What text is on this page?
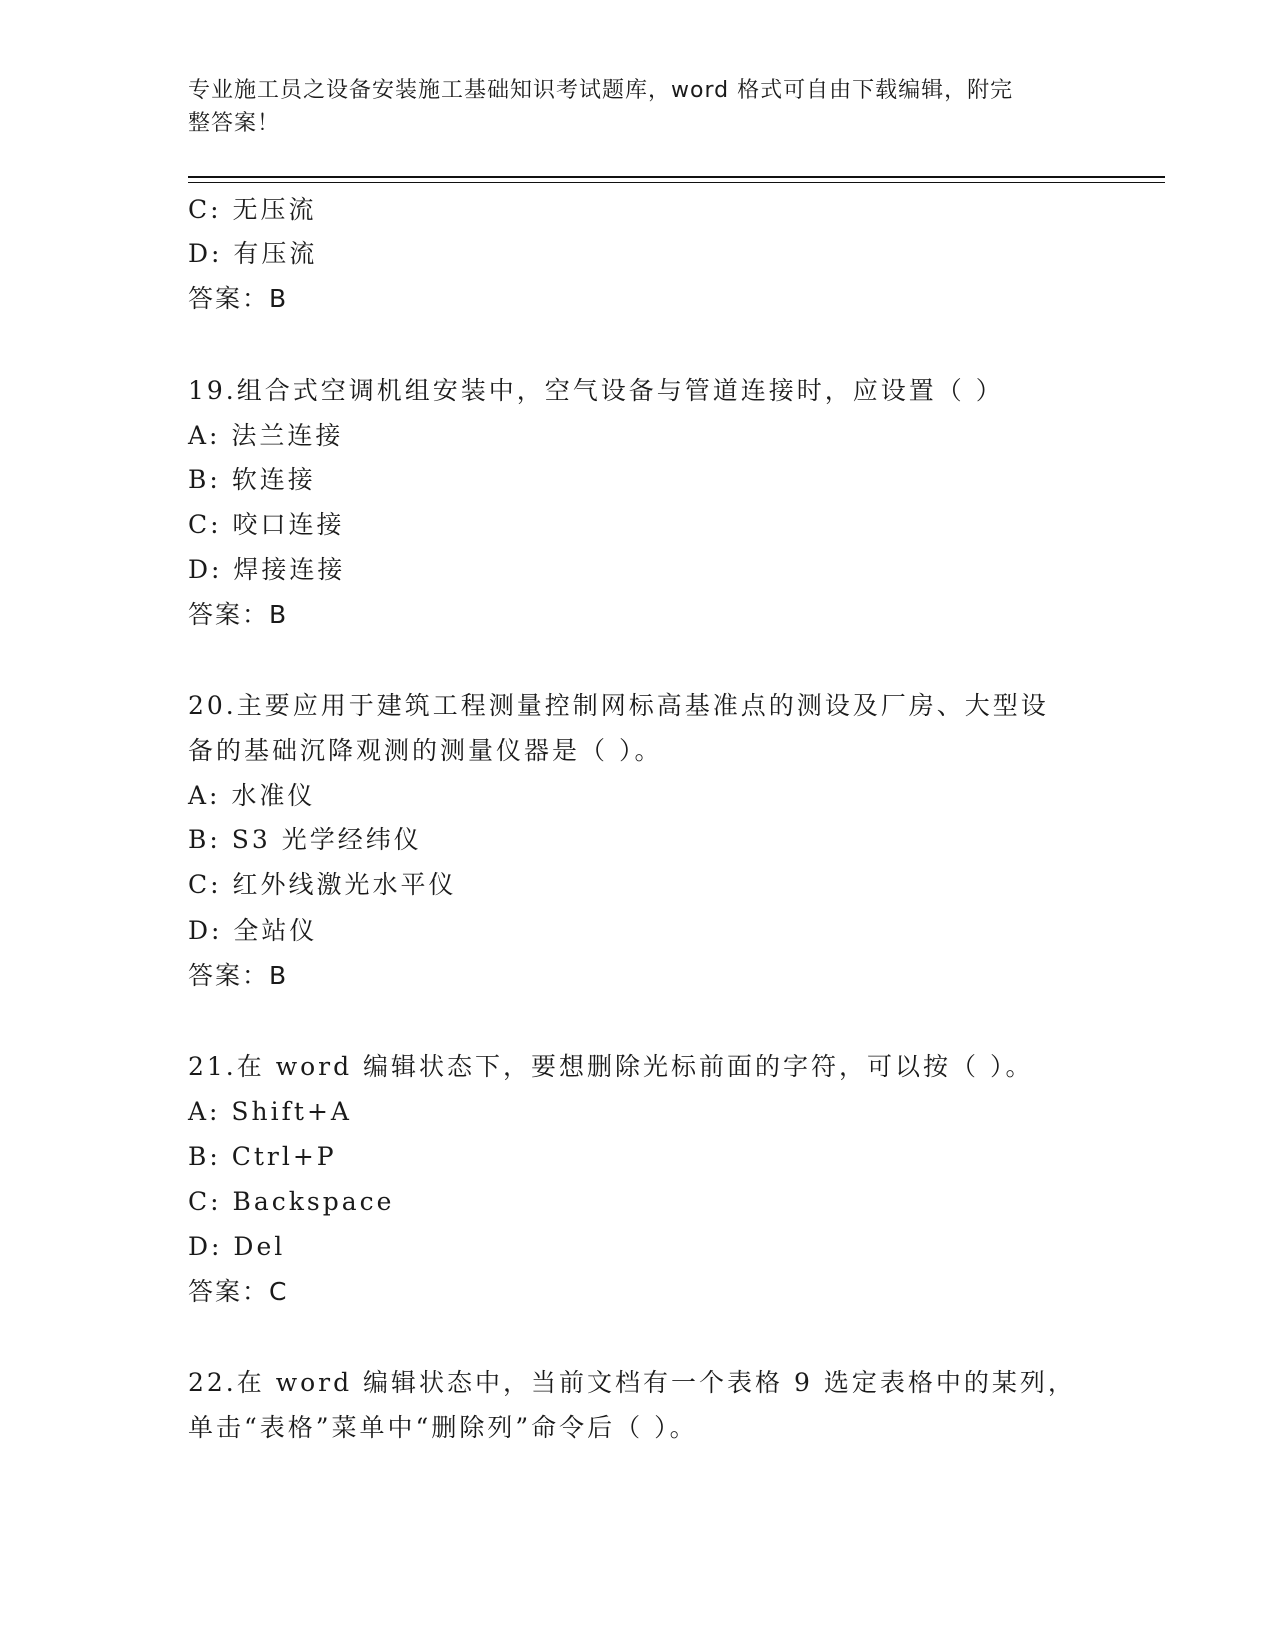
专业施工员之设备安装施工基础知识考试题库，word 格式可自由下载编辑，附完
整答案！
C: 无压流
D: 有压流
答案：B
19.组合式空调机组安装中，空气设备与管道连接时，应设置（ ）
A: 法兰连接
B: 软连接
C: 咬口连接
D: 焊接连接
答案：B
20.主要应用于建筑工程测量控制网标高基准点的测设及厂房、大型设
备的基础沉降观测的测量仪器是（ ）。
A: 水准仪
B: S3 光学经纬仪
C: 红外线激光水平仪
D: 全站仪
答案：B
21.在 word 编辑状态下，要想删除光标前面的字符，可以按（ ）。
A: Shift+A
B: Ctrl+P
C: Backspace
D: Del
答案：C
22.在 word 编辑状态中，当前文档有一个表格 9 选定表格中的某列，
单击“表格”菜单中“删除列”命令后（ ）。
